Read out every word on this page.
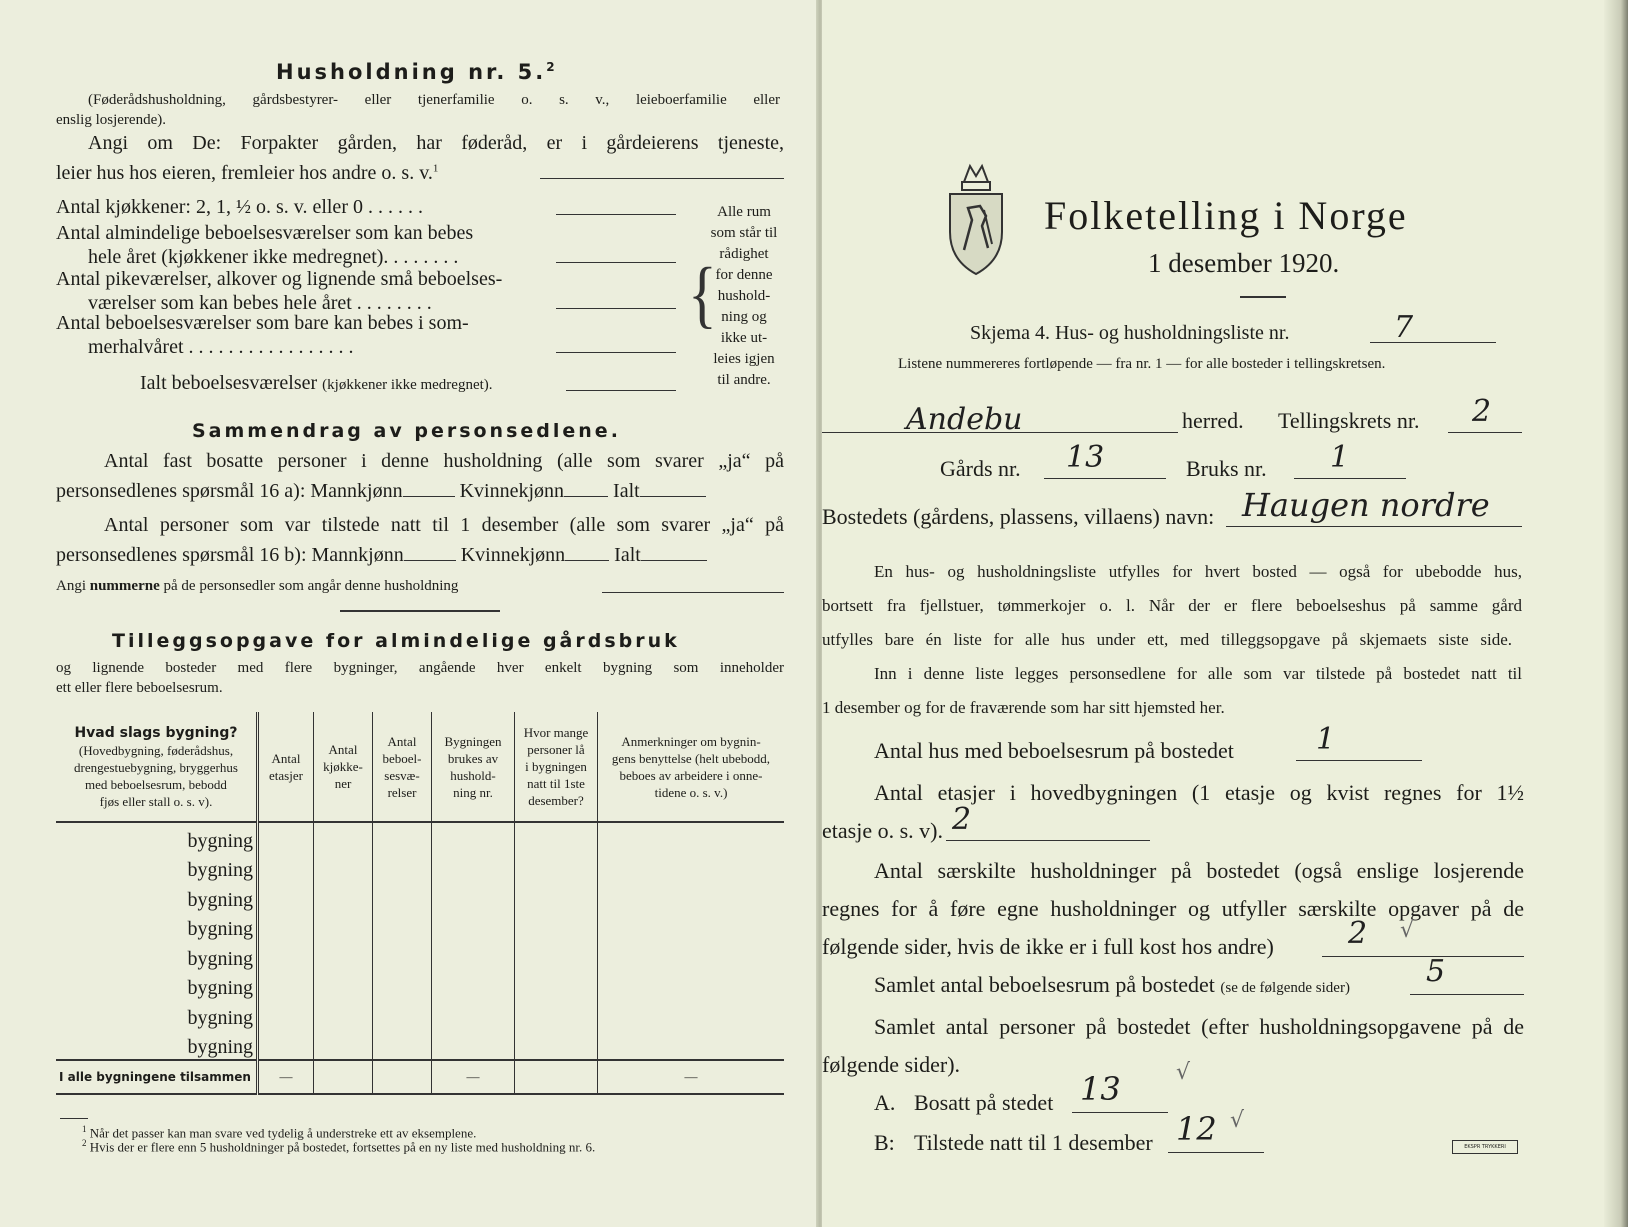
Husholdning nr. 5.$^2$
(Føderådshusholdning, gårdsbestyrer- eller tjenerfamilie o. s. v., leieboerfamilie eller
enslig losjerende).
Angi om De: Forpakter gården, har føderåd, er i gårdeierens tjeneste,
leier hus hos eieren, fremleier hos andre o. s. v.$^1$
Antal kjøkkener: 2, 1, ½ o. s. v. eller 0 . . . . . .
Antal almindelige beboelsesværelser som kan bebes
hele året (kjøkkener ikke medregnet). . . . . . . .
Antal pikeværelser, alkover og lignende små beboelses-
værelser som kan bebes hele året . . . . . . . .
Antal beboelsesværelser som bare kan bebes i som-
merhalvåret . . . . . . . . . . . . . . . . .
Ialt beboelsesværelser (kjøkkener ikke medregnet).
{
Alle rum
som står til
rådighet
for denne
hushold-
ning og
ikke ut-
leies igjen
til andre.
Sammendrag av personsedlene.
Antal fast bosatte personer i denne husholdning (alle som svarer „ja“ på
personsedlenes spørsmål 16 a): Mannkjønn	Kvinnekjønn Ialt
Antal personer som var tilstede natt til 1 desember (alle som svarer „ja“ på
personsedlenes spørsmål 16 b): Mannkjønn	Kvinnekjønn Ialt
Angi nummerne på de personsedler som angår denne husholdning
Tilleggsopgave for almindelige gårdsbruk
og lignende bosteder med flere bygninger, angående hver enkelt bygning som inneholder
ett eller flere beboelsesrum.
Hvad slags bygning?
(Hovedbygning, føderådshus,
drengestuebygning, bryggerhus
med beboelsesrum, bebodd
fjøs eller stall o. s. v).	Antal
etasjer	Antal
kjøkke-
ner	Antal
beboel-
sesvæ-
relser	Bygningen
brukes av
hushold-
ning nr.	Hvor mange
personer lå
i bygningen
natt til 1ste
desember?	Anmerkninger om bygnin-
gens benyttelse (helt ubebodd,
beboes av arbeidere i onne-
tidene o. s. v.)
bygning						
bygning						
bygning						
bygning						
bygning						
bygning						
bygning						
bygning						
I alle bygningene tilsammen	—			—		—
$^1$ Når det passer kan man svare ved tydelig å understreke ett av eksemplene.
$^2$ Hvis der er flere enn 5 husholdninger på bostedet, fortsettes på en ny liste med husholdning nr. 6.
Folketelling i Norge
1 desember 1920.
Skjema 4. Hus- og husholdningsliste nr.	7
Listene nummereres fortløpende — fra nr. 1 — for alle bosteder i tellingskretsen.
Andebu	herred. Tellingskrets nr. 2
Gårds nr. 13	Bruks nr. 1
Bostedets (gårdens, plassens, villaens) navn: Haugen nordre
En hus- og husholdningsliste utfylles for hvert bosted — også for ubebodde hus,
bortsett fra fjellstuer, tømmerkojer o. l. Når der er flere beboelseshus på samme gård
utfylles bare én liste for alle hus under ett, med tilleggsopgave på skjemaets siste side.
Inn i denne liste legges personsedlene for alle som var tilstede på bostedet natt til
1 desember og for de fraværende som har sitt hjemsted her.
Antal hus med beboelsesrum på bostedet	1
Antal etasjer i hovedbygningen (1 etasje og kvist regnes for 1½
etasje o. s. v). 2
Antal særskilte husholdninger på bostedet (også enslige losjerende
regnes for å føre egne husholdninger og utfyller særskilte opgaver på de
følgende sider, hvis de ikke er i full kost hos andre) 2 √
Samlet antal beboelsesrum på bostedet (se de følgende sider)	5
Samlet antal personer på bostedet (efter husholdningsopgavene på de
følgende sider).
A. Bosatt på stedet 13	√
B: Tilstede natt til 1 desember 12 √
EKSPR TRYKKERI
